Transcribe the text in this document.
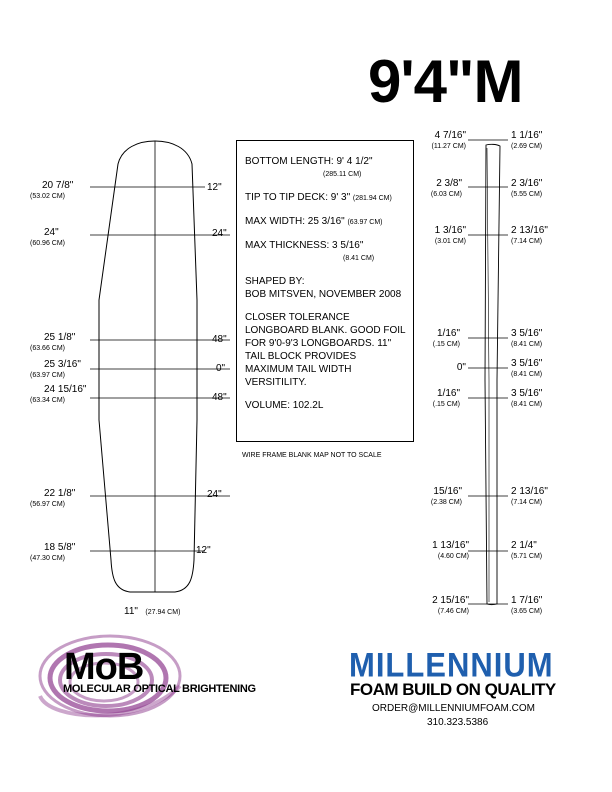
9'4"M
20 7/8"
(53.02 CM)
24"
(60.96 CM)
25 1/8"
(63.66 CM)
25 3/16"
(63.97 CM)
24 15/16"
(63.34 CM)
22 1/8"
(56.97 CM)
18 5/8"
(47.30 CM)
12"
24"
48"
0"
48"
24"
12"
11" (27.94 CM)

BOTTOM LENGTH: 9' 4 1/2"

(285.11 CM)

TIP TO TIP DECK: 9' 3" (281.94 CM)

MAX WIDTH: 25 3/16" (63.97 CM)

MAX THICKNESS: 3 5/16"

(8.41 CM)

SHAPED BY:

BOB MITSVEN, NOVEMBER 2008

CLOSER TOLERANCE LONGBOARD BLANK. GOOD FOIL FOR 9'0-9'3 LONGBOARDS. 11" TAIL BLOCK PROVIDES MAXIMUM TAIL WIDTH VERSITILITY.

VOLUME: 102.2L

WIRE FRAME BLANK MAP NOT TO SCALE
4 7/16"
(11.27 CM)
2 3/8"
(6.03 CM)
1 3/16"
(3.01 CM)
1/16"
(.15 CM)
0"
1/16"
(.15 CM)
15/16"
(2.38 CM)
1 13/16"
(4.60 CM)
2 15/16"
(7.46 CM)
1 1/16"
(2.69 CM)
2 3/16"
(5.55 CM)
2 13/16"
(7.14 CM)
3 5/16"
(8.41 CM)
3 5/16"
(8.41 CM)
3 5/16"
(8.41 CM)
2 13/16"
(7.14 CM)
2 1/4"
(5.71 CM)
1 7/16"
(3.65 CM)
MoB
MOLECULAR OPTICAL BRIGHTENING
MILLENNIUM
FOAM BUILD ON QUALITY
ORDER@MILLENNIUMFOAM.COM
310.323.5386
